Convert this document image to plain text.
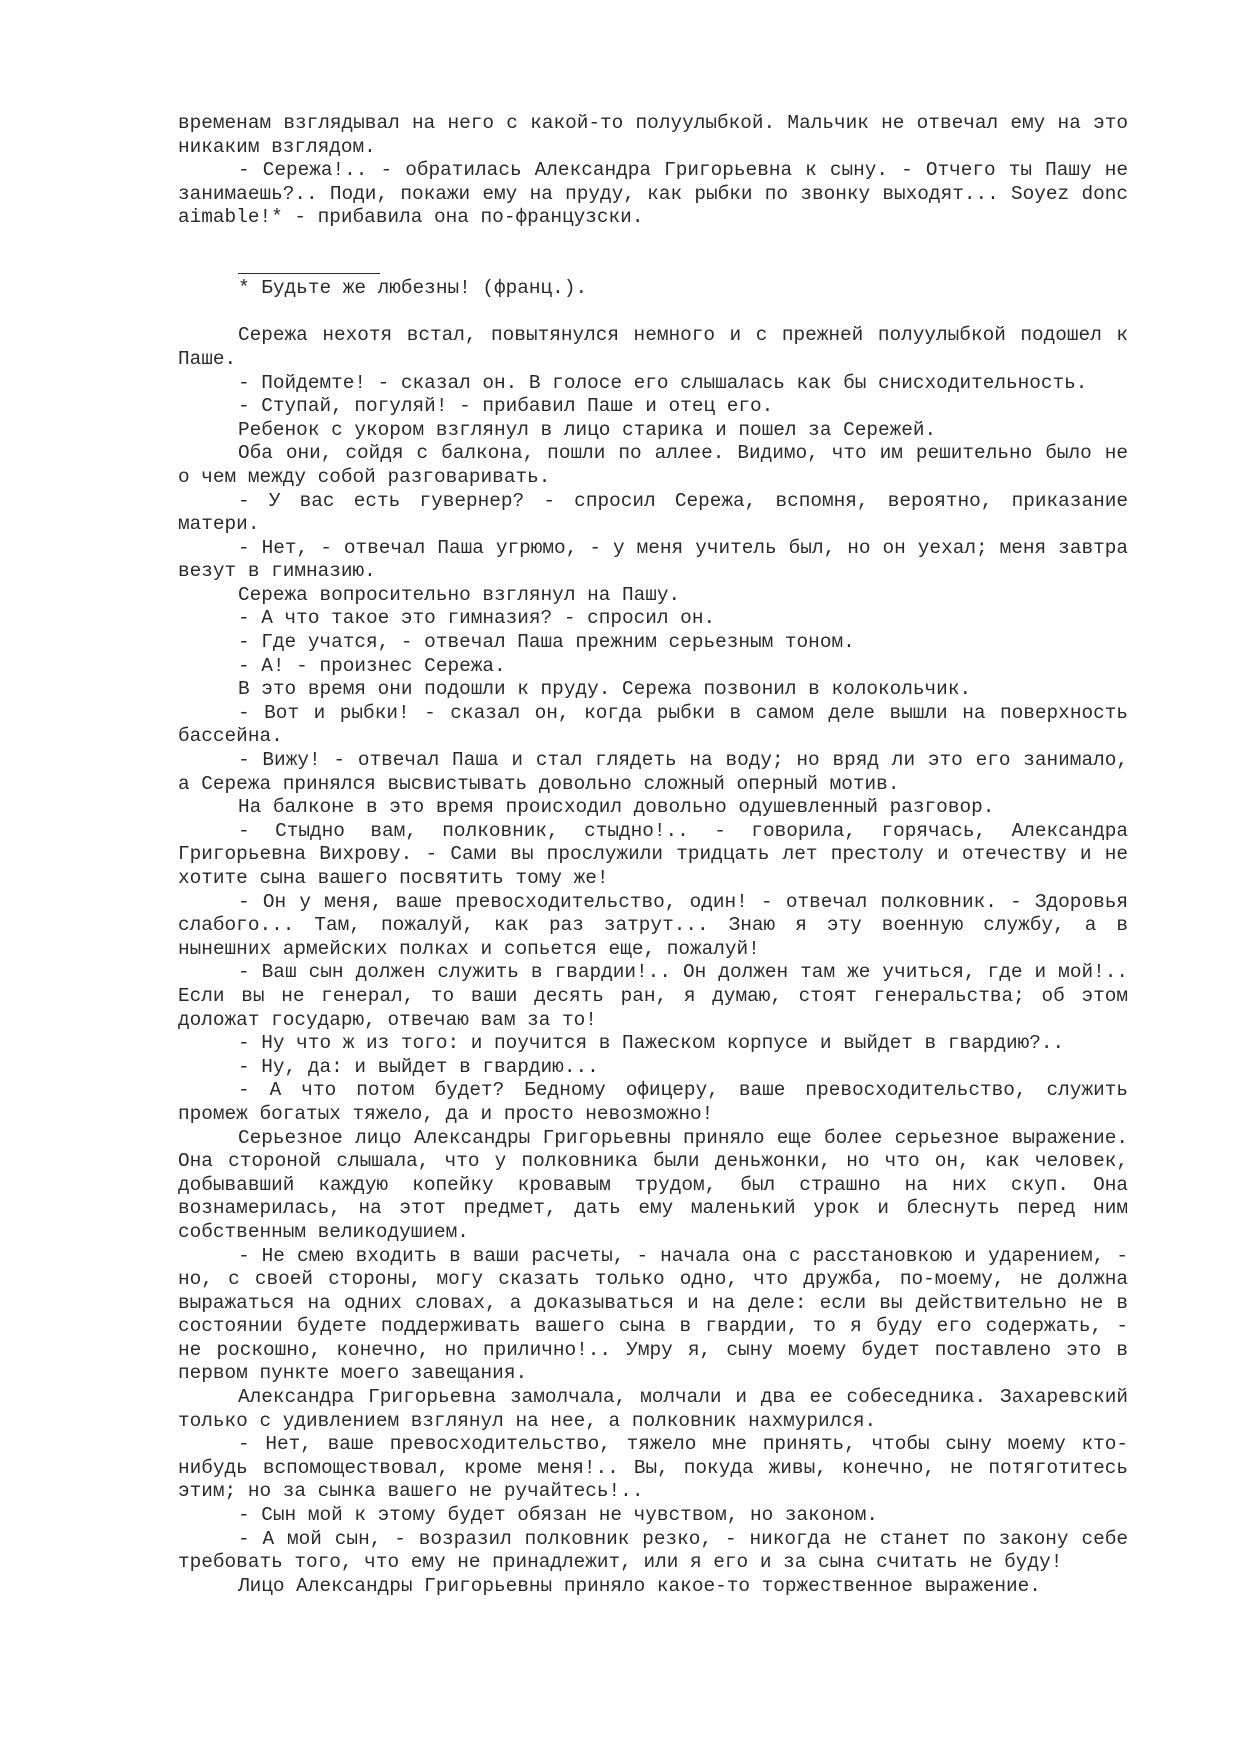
временам взглядывал на него с какой-то полуулыбкой. Мальчик не отвечал ему на это никаким взглядом.

- Сережа!.. - обратилась Александра Григорьевна к сыну. - Отчего ты Пашу не занимаешь?.. Поди, покажи ему на пруду, как рыбки по звонку выходят... Soyez donc aimable!* - прибавила она по-французски.

* Будьте же любезны! (франц.).

Сережа нехотя встал, повытянулся немного и с прежней полуулыбкой подошел к Паше.

- Пойдемте! - сказал он. В голосе его слышалась как бы снисходительность.

- Ступай, погуляй! - прибавил Паше и отец его.

Ребенок с укором взглянул в лицо старика и пошел за Сережей.

Оба они, сойдя с балкона, пошли по аллее. Видимо, что им решительно было не о чем между собой разговаривать.

- У вас есть гувернер? - спросил Сережа, вспомня, вероятно, приказание матери.

- Нет, - отвечал Паша угрюмо, - у меня учитель был, но он уехал; меня завтра везут в гимназию.

Сережа вопросительно взглянул на Пашу.

- А что такое это гимназия? - спросил он.

- Где учатся, - отвечал Паша прежним серьезным тоном.

- А! - произнес Сережа.

В это время они подошли к пруду. Сережа позвонил в колокольчик.

- Вот и рыбки! - сказал он, когда рыбки в самом деле вышли на поверхность бассейна.

- Вижу! - отвечал Паша и стал глядеть на воду; но вряд ли это его занимало, а Сережа принялся высвистывать довольно сложный оперный мотив.

На балконе в это время происходил довольно одушевленный разговор.

- Стыдно вам, полковник, стыдно!.. - говорила, горячась, Александра Григорьевна Вихрову. - Сами вы прослужили тридцать лет престолу и отечеству и не хотите сына вашего посвятить тому же!

- Он у меня, ваше превосходительство, один! - отвечал полковник. - Здоровья слабого... Там, пожалуй, как раз затрут... Знаю я эту военную службу, а в нынешних армейских полках и сопьется еще, пожалуй!

- Ваш сын должен служить в гвардии!.. Он должен там же учиться, где и мой!.. Если вы не генерал, то ваши десять ран, я думаю, стоят генеральства; об этом доложат государю, отвечаю вам за то!

- Ну что ж из того: и поучится в Пажеском корпусе и выйдет в гвардию?..

- Ну, да: и выйдет в гвардию...

- А что потом будет? Бедному офицеру, ваше превосходительство, служить промеж богатых тяжело, да и просто невозможно!

Серьезное лицо Александры Григорьевны принялo еще более серьезное выражение. Она стороной слышала, что у полковника были деньжонки, но что он, как человек, добывавший каждую копейку кровавым трудом, был страшно на них скуп. Она вознамерилась, на этот предмет, дать ему маленький урок и блеснуть перед ним собственным великодушием.

- Не смею входить в ваши расчеты, - начала она с расстановкою и ударением, - но, с своей стороны, могу сказать только одно, что дружба, по-моему, не должна выражаться на одних словах, а доказываться и на деле: если вы действительно не в состоянии будете поддерживать вашего сына в гвардии, то я буду его содержать, - не роскошно, конечно, но прилично!.. Умру я, сыну моему будет поставлено это в первом пункте моего завещания.

Александра Григорьевна замолчала, молчали и два ее собеседника. Захаревский только с удивлением взглянул на нее, а полковник нахмурился.

- Нет, ваше превосходительство, тяжело мне принять, чтобы сыну моему кто-нибудь вспомоществовал, кроме меня!.. Вы, покуда живы, конечно, не потяготитесь этим; но за сынка вашего не ручайтесь!..

- Сын мой к этому будет обязан не чувством, но законом.

- А мой сын, - возразил полковник резко, - никогда не станет по закону себе требовать того, что ему не принадлежит, или я его и за сына считать не буду!

Лицо Александры Григорьевны приняло какое-то торжественное выражение.
